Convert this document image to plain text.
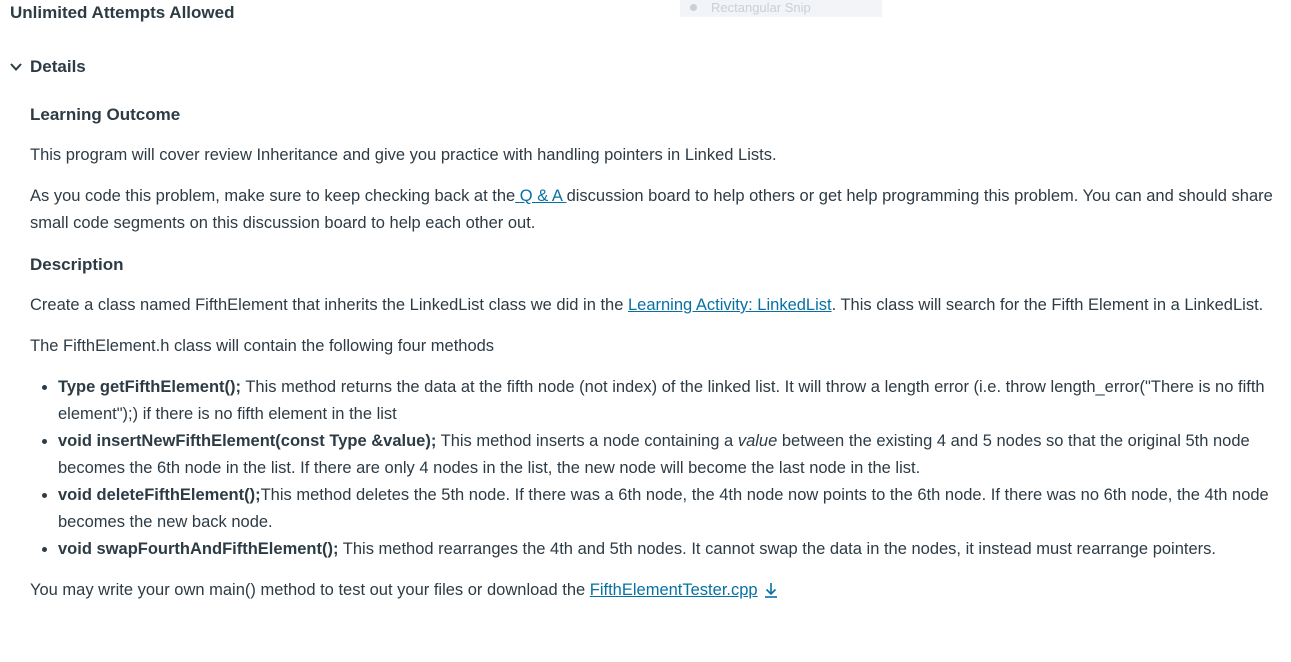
Unlimited Attempts Allowed	Rectangular Snip
Details
Learning Outcome

This program will cover review Inheritance and give you practice with handling pointers in Linked Lists.

As you code this problem, make sure to keep checking back at the Q & A discussion board to help others or get help programming this problem. You can and should share small code segments on this discussion board to help each other out.

Description

Create a class named FifthElement that inherits the LinkedList class we did in the Learning Activity: LinkedList. This class will search for the Fifth Element in a LinkedList.

The FifthElement.h class will contain the following four methods

• Type getFifthElement(); This method returns the data at the fifth node (not index) of the linked list. It will throw a length error (i.e. throw length_error("There is no fifth element");) if there is no fifth element in the list
• void insertNewFifthElement(const Type &value); This method inserts a node containing a value between the existing 4 and 5 nodes so that the original 5th node becomes the 6th node in the list. If there are only 4 nodes in the list, the new node will become the last node in the list.
• void deleteFifthElement();This method deletes the 5th node. If there was a 6th node, the 4th node now points to the 6th node. If there was no 6th node, the 4th node becomes the new back node.
• void swapFourthAndFifthElement(); This method rearranges the 4th and 5th nodes. It cannot swap the data in the nodes, it instead must rearrange pointers.

You may write your own main() method to test out your files or download the FifthElementTester.cpp
